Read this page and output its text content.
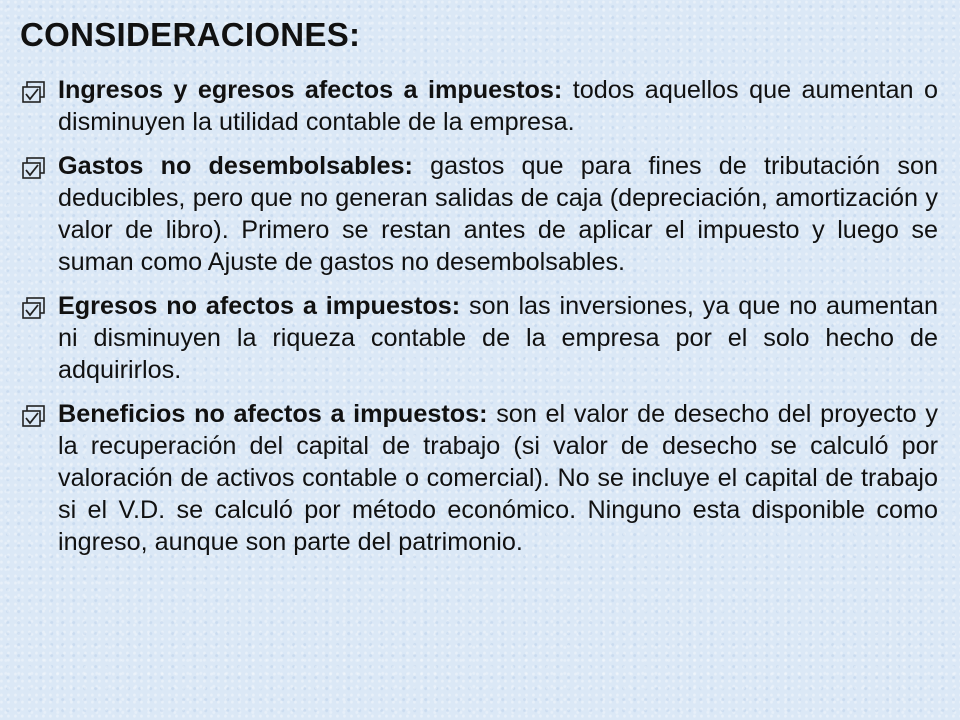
CONSIDERACIONES:
Ingresos y egresos afectos a impuestos: todos aquellos que aumentan o disminuyen la utilidad contable de la empresa.
Gastos no desembolsables: gastos que para fines de tributación son deducibles, pero que no generan salidas de caja (depreciación, amortización y valor de libro). Primero se restan antes de aplicar el impuesto y luego se suman como Ajuste de gastos no desembolsables.
Egresos no afectos a impuestos: son las inversiones, ya que no aumentan ni disminuyen la riqueza contable de la empresa por el solo hecho de adquirirlos.
Beneficios no afectos a impuestos: son el valor de desecho del proyecto y la recuperación del capital de trabajo (si valor de desecho se calculó por valoración de activos contable o comercial). No se incluye el capital de trabajo si el V.D. se calculó por método económico. Ninguno esta disponible como ingreso, aunque son parte del patrimonio.
